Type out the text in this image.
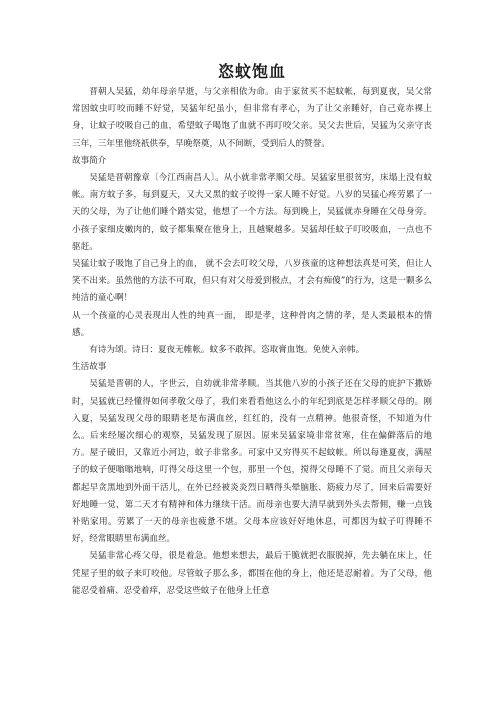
恣蚊饱血

晋朝人吴猛，幼年母亲早逝，与父亲相依为命。由于家贫买不起蚊帐，每到夏夜，吴父常常因蚊虫叮咬而睡不好觉，吴猛年纪虽小，但非常有孝心，为了让父亲睡好，自己竟赤裸上身，让蚊子咬吸自己的血，希望蚊子喝饱了血就不再叮咬父亲。吴父去世后，吴猛为父亲守丧三年，三年里他绕祇供奉，早晚祭奠，从不间断，受到后人的赞誉。

故事简介

吴猛是晋朝豫章〔今江西南昌人〕。从小就非常孝顺父母。吴猛家里很贫穷，床塌上没有蚊帐。南方蚊子多，每到夏天，又大又黑的蚊子咬得一家人睡不好觉。八岁的吴猛心疼劳累了一天的父母，为了让他们睡个踏实觉，他想了一个方法。每到晚上，吴猛就赤身睡在父母身旁。小孩子家细皮嫩肉的，蚊子都集聚在他身上，且越聚越多。吴猛却任蚊子叮咬吸血，一点也不驱赶。

吴猛让蚊子吸饱了自己身上的血， 就不会去叮咬父母，八岁孩童的这种想法真是可笑，但让人笑不出来。虽然他的方法不可取，但只有对父母爱到极点，才会有痴傻”的行为，这是一颗多么纯洁的童心啊！

从一个孩童的心灵表现出人性的纯真一面， 即是孝，这种骨肉之情的孝，是人类最根本的情感。

有诗为颂。诗曰：夏夜无帷帐。蚊多不敢挥。恣取膏血饱。免使入亲帏。

生活故事

吴猛是晋朝的人，字世云，自幼就非常孝顺。当其他八岁的小孩子还在父母的庇护下撒娇时，吴猛就已经懂得如何孝敬父母了，我们来看看他这么小的年纪到底是怎样孝顺父母的。刚入夏，吴猛发现父母的眼睛老是布满血丝，红红的，没有一点精神。他很奇怪，不知道为什么。后来经屡次细心的观察，吴猛发现了原因。原来吴猛家境非常贫寒，住在偏僻落后的地方。屋子破旧，又靠近小河边，蚊子非常多。可家中又穷得买不起蚊帐。所以每逢夏夜，满屋子的蚊子便嗡嗡地响，叮得父母这里一个包，那里一个包，搅得父母睡不了觉。而且父亲每天都起早贪黑地到外面干活儿，在外已经被炎炎烈日晒得头晕脑胀、筋疲力尽了，回来后需要好好地睡一觉，第二天才有精神和体力继续干活。而母亲也要大清早就到外头去帮佣，赚一点钱补贴家用。劳累了一天的母亲也疲惫不堪。父母本应该好好地休息，可都因为蚊子叮得睡不好，经常眼睛里布满血丝。

吴猛非常心疼父母，很是着急。他想来想去，最后干脆就把衣服脱掉，先去躺在床上，任凭屋子里的蚊子来叮咬他。尽管蚊子那么多，都围在他的身上，他还是忍耐着。为了父母，他能忍受着痛、忍受着痒，忍受这些蚊子在他身上任意
